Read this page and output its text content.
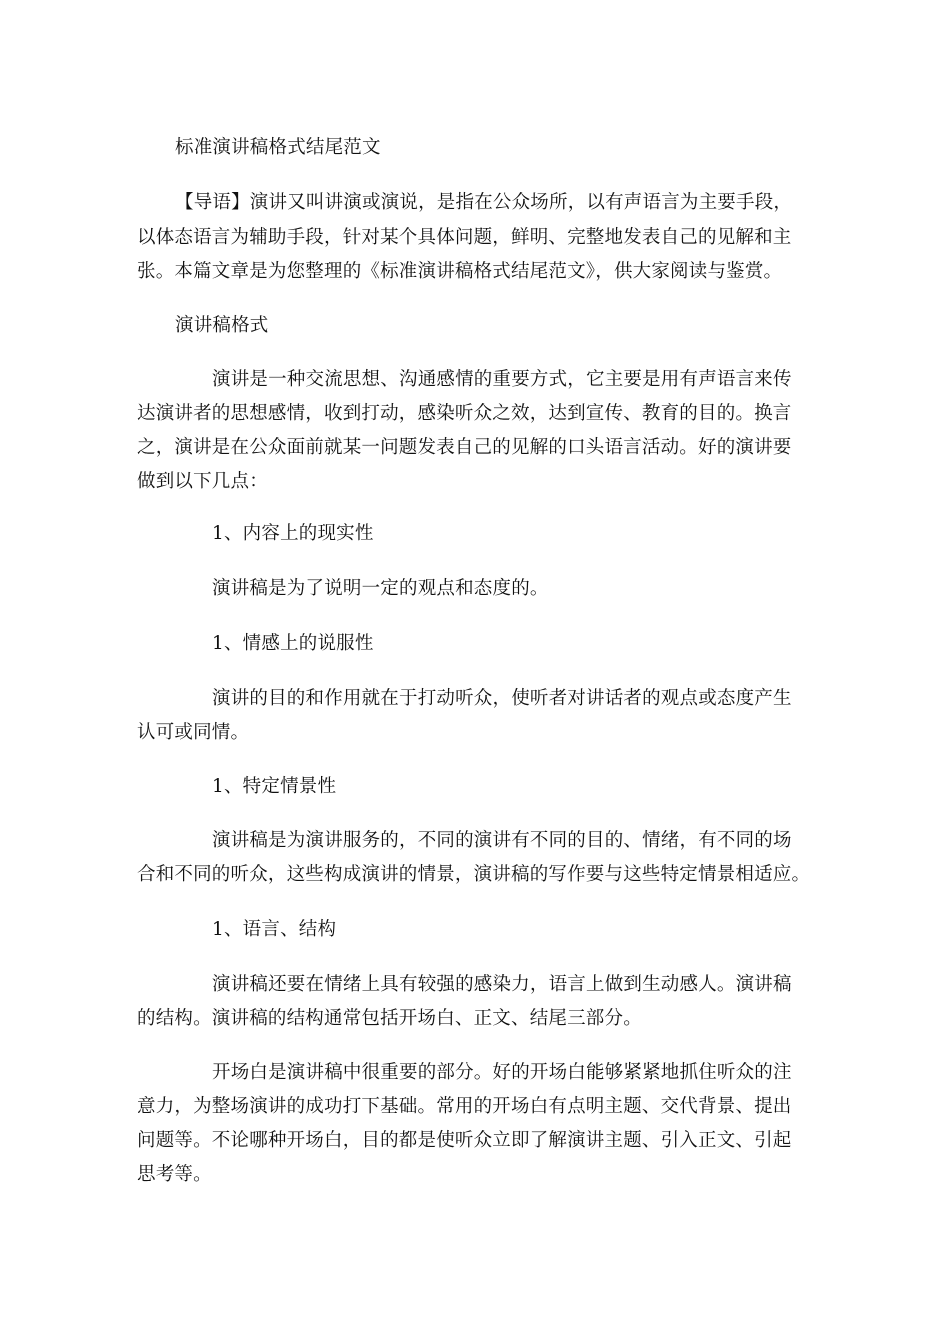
标准演讲稿格式结尾范文
【导语】演讲又叫讲演或演说，是指在公众场所，以有声语言为主要手段，
以体态语言为辅助手段，针对某个具体问题，鲜明、完整地发表自己的见解和主
张。本篇文章是为您整理的《标准演讲稿格式结尾范文》，供大家阅读与鉴赏。
演讲稿格式
演讲是一种交流思想、沟通感情的重要方式，它主要是用有声语言来传
达演讲者的思想感情，收到打动，感染听众之效，达到宣传、教育的目的。换言
之，演讲是在公众面前就某一问题发表自己的见解的口头语言活动。好的演讲要
做到以下几点：
1、内容上的现实性
演讲稿是为了说明一定的观点和态度的。
1、情感上的说服性
演讲的目的和作用就在于打动听众，使听者对讲话者的观点或态度产生
认可或同情。
1、特定情景性
演讲稿是为演讲服务的，不同的演讲有不同的目的、情绪，有不同的场
合和不同的听众，这些构成演讲的情景，演讲稿的写作要与这些特定情景相适应。
1、语言、结构
演讲稿还要在情绪上具有较强的感染力，语言上做到生动感人。演讲稿
的结构。演讲稿的结构通常包括开场白、正文、结尾三部分。
开场白是演讲稿中很重要的部分。好的开场白能够紧紧地抓住听众的注
意力，为整场演讲的成功打下基础。常用的开场白有点明主题、交代背景、提出
问题等。不论哪种开场白，目的都是使听众立即了解演讲主题、引入正文、引起
思考等。
